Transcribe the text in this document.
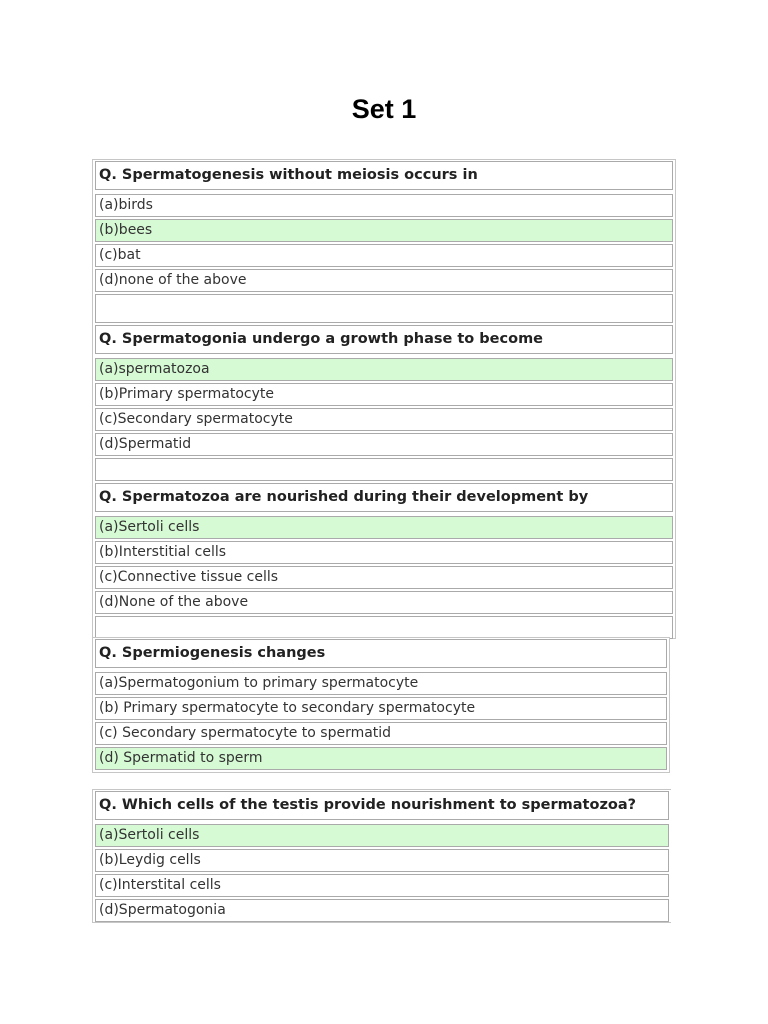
Set 1
Q. Spermatogenesis without meiosis occurs in
(a)birds
(b)bees
(c)bat
(d)none of the above
Q. Spermatogonia undergo a growth phase to become
(a)spermatozoa
(b)Primary spermatocyte
(c)Secondary spermatocyte
(d)Spermatid
Q. Spermatozoa are nourished during their development by
(a)Sertoli cells
(b)Interstitial cells
(c)Connective tissue cells
(d)None of the above
Q. Spermiogenesis changes
(a)Spermatogonium to primary spermatocyte
(b) Primary spermatocyte to secondary spermatocyte
(c) Secondary spermatocyte to spermatid
(d) Spermatid to sperm
Q. Which cells of the testis provide nourishment to spermatozoa?
(a)Sertoli cells
(b)Leydig cells
(c)Interstital cells
(d)Spermatogonia
